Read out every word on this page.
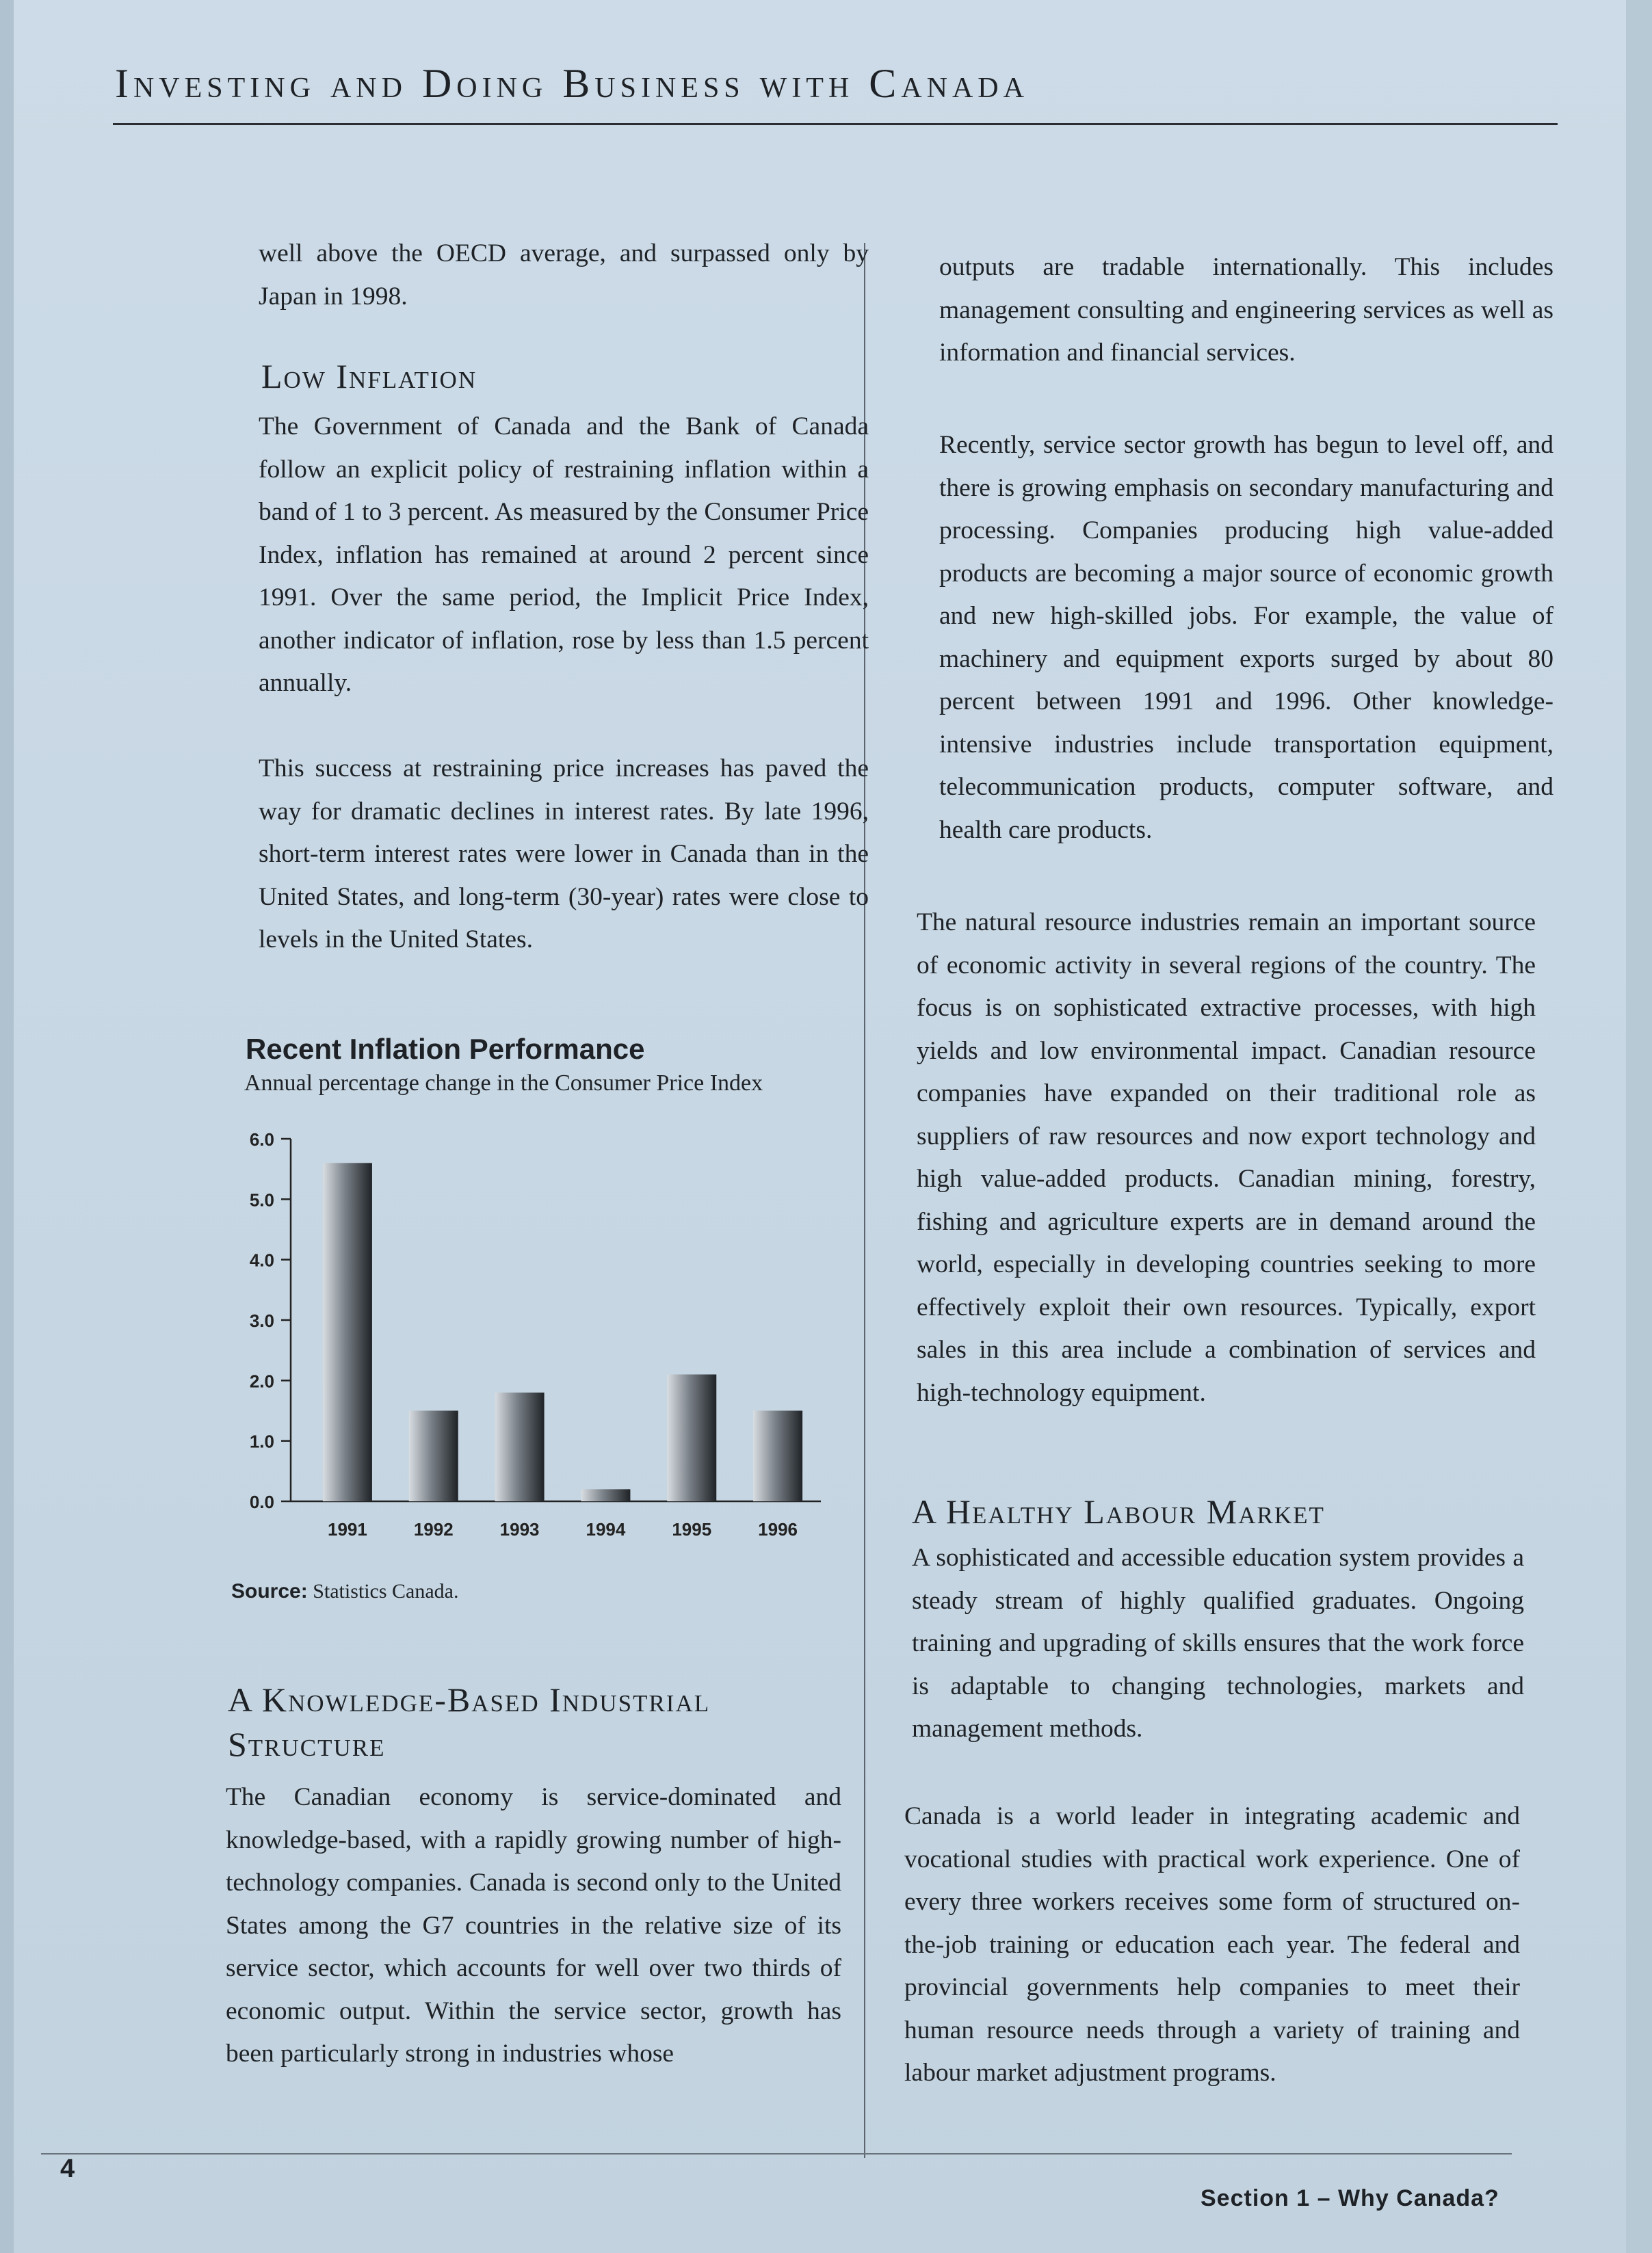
Investing and Doing Business with Canada

well above the OECD average, and surpassed only by Japan in 1998.

Low Inflation

The Government of Canada and the Bank of Canada follow an explicit policy of restraining inflation within a band of 1 to 3 percent. As measured by the Consumer Price Index, inflation has remained at around 2 percent since 1991. Over the same period, the Implicit Price Index, another indicator of inflation, rose by less than 1.5 percent annually.

This success at restraining price increases has paved the way for dramatic declines in interest rates. By late 1996, short-term interest rates were lower in Canada than in the United States, and long-term (30-year) rates were close to levels in the United States.

Recent Inflation Performance
Annual percentage change in the Consumer Price Index
0.0
1.0
2.0
3.0
4.0
5.0
6.0
1991	1992	1993	1994	1995	1996
Source: Statistics Canada.
A Knowledge-Based Industrial
Structure

The Canadian economy is service-dominated and knowledge-based, with a rapidly growing number of high-technology companies. Canada is second only to the United States among the G7 countries in the relative size of its service sector, which accounts for well over two thirds of economic output. Within the service sector, growth has been particularly strong in industries whose

outputs are tradable internationally. This includes management consulting and engineering services as well as information and financial services.

Recently, service sector growth has begun to level off, and there is growing emphasis on secondary manufacturing and processing. Companies producing high value-added products are becoming a major source of economic growth and new high-skilled jobs. For example, the value of machinery and equipment exports surged by about 80 percent between 1991 and 1996. Other knowledge-intensive industries include transportation equipment, telecommunication products, computer software, and health care products.

The natural resource industries remain an important source of economic activity in several regions of the country. The focus is on sophisticated extractive processes, with high yields and low environmental impact. Canadian resource companies have expanded on their traditional role as suppliers of raw resources and now export technology and high value-added products. Canadian mining, forestry, fishing and agriculture experts are in demand around the world, especially in developing countries seeking to more effectively exploit their own resources. Typically, export sales in this area include a combination of services and high-technology equipment.

A Healthy Labour Market

A sophisticated and accessible education system provides a steady stream of highly qualified graduates. Ongoing training and upgrading of skills ensures that the work force is adaptable to changing technologies, markets and management methods.

Canada is a world leader in integrating academic and vocational studies with practical work experience. One of every three workers receives some form of structured on-the-job training or education each year. The federal and provincial governments help companies to meet their human resource needs through a variety of training and labour market adjustment programs.

4
Section 1 – Why Canada?
